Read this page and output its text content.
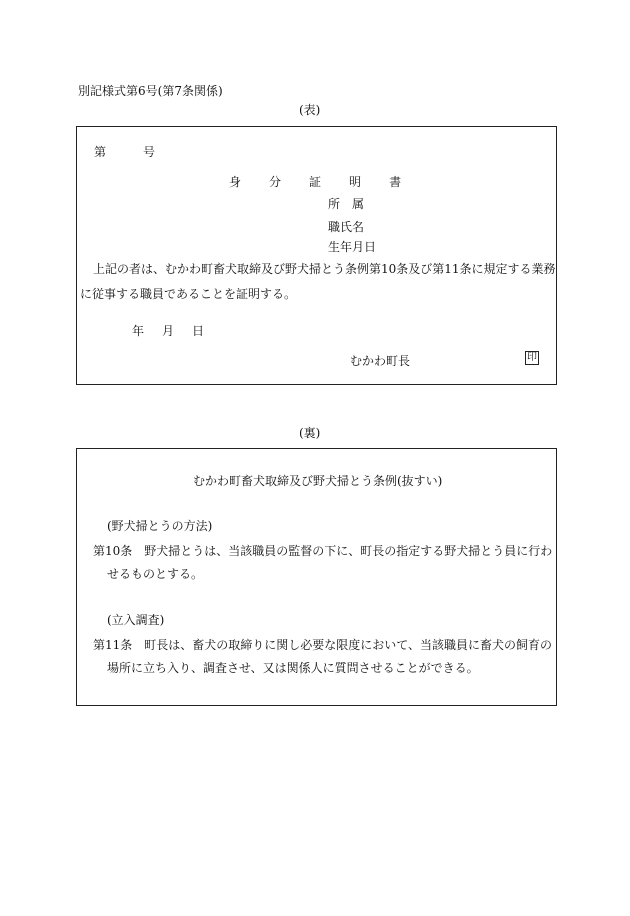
別記様式第6号(第7条関係)
(表)
第	号
身 分 証 明 書
所　属
職氏名
生年月日
上記の者は、むかわ町畜犬取締及び野犬掃とう条例第10条及び第11条に規定する業務
に従事する職員であることを証明する。
年 月 日
むかわ町長	印
(裏)
むかわ町畜犬取締及び野犬掃とう条例(抜すい)
(野犬掃とうの方法)
第10条　野犬掃とうは、当該職員の監督の下に、町長の指定する野犬掃とう員に行わ
せるものとする。
(立入調査)
第11条　町長は、畜犬の取締りに関し必要な限度において、当該職員に畜犬の飼育の
場所に立ち入り、調査させ、又は関係人に質問させることができる。
